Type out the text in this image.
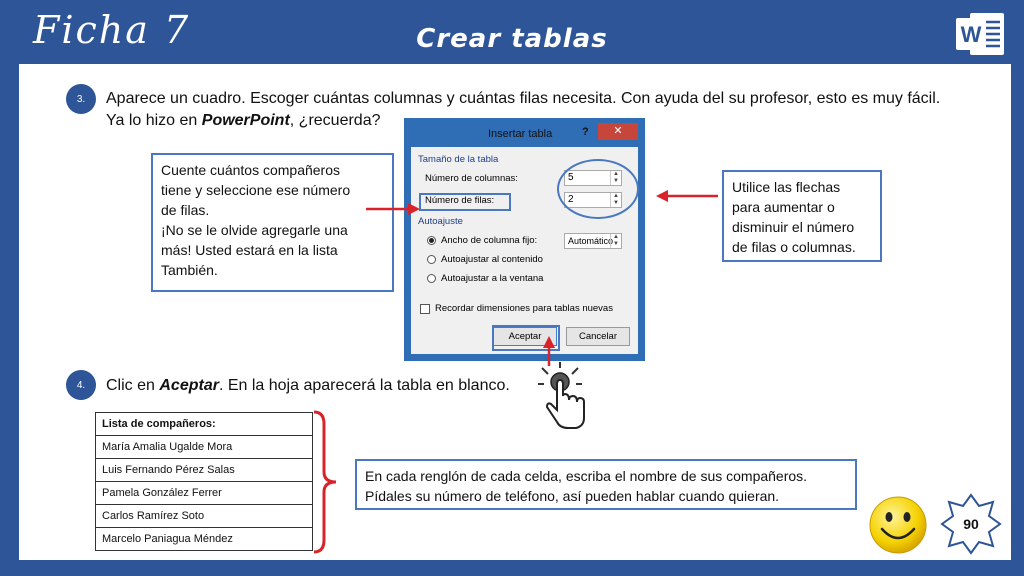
Ficha 7	Crear tablas	W
3.	Aparece un cuadro. Escoger cuántas columnas y cuántas filas necesita. Con ayuda del su profesor, esto es muy fácil.
Ya lo hizo en PowerPoint, ¿recuerda?
Cuente cuántos compañeros
tiene y seleccione ese número
de filas.
¡No se le olvide agregarle una
más! Usted estará en la lista
También.
Utilice las flechas
para aumentar o
disminuir el número
de filas o columnas.
Insertar tabla	?	✕
Tamaño de la tabla
Número de columnas:	5	▲
▼
Número de filas:	2	▲
▼
Autoajuste
Ancho de columna fijo:	Automático ▲
▼
Autoajustar al contenido
Autoajustar a la ventana
Recordar dimensiones para tablas nuevas
Aceptar	Cancelar
4.	Clic en Aceptar. En la hoja aparecerá la tabla en blanco.
Lista de compañeros:
María Amalia Ugalde Mora
Luis Fernando Pérez Salas
Pamela González Ferrer
Carlos Ramírez Soto
Marcelo Paniagua Méndez
En cada renglón de cada celda, escriba el nombre de sus compañeros.
Pídales su número de teléfono, así pueden hablar cuando quieran.
90
